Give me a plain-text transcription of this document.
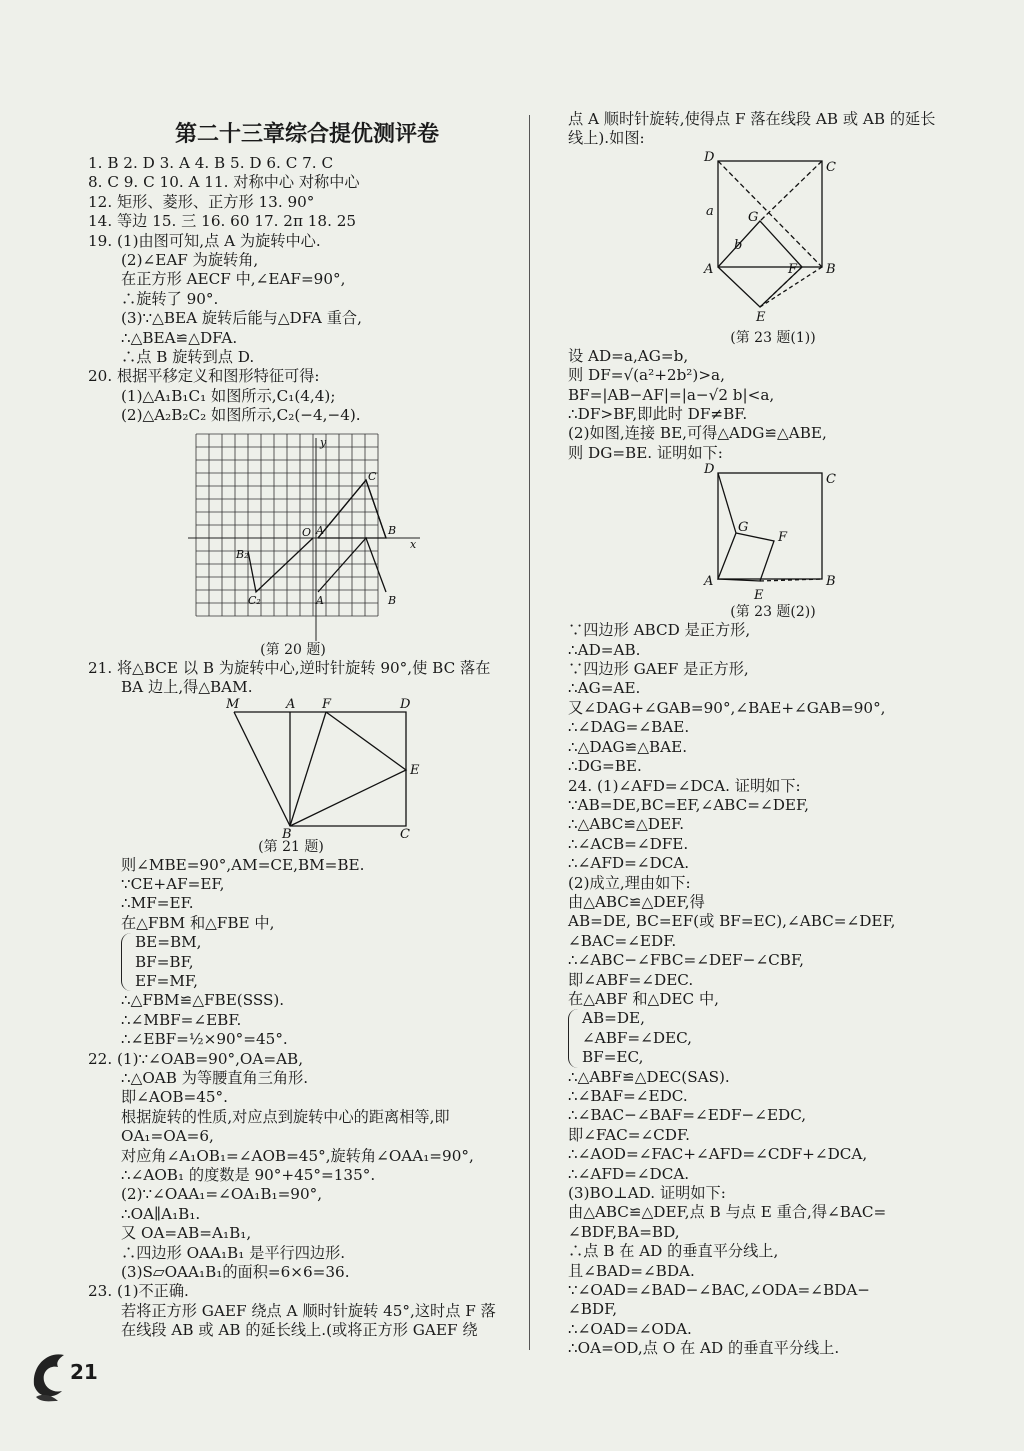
第二十三章综合提优测评卷
1. B 2. D 3. A 4. B 5. D 6. C 7. C
8. C 9. C 10. A 11. 对称中心 对称中心
12. 矩形、菱形、正方形 13. 90°
14. 等边 15. 三 16. 60 17. 2π 18. 25
19. (1)由图可知,点 A 为旋转中心.
(2)∠EAF 为旋转角,
在正方形 AECF 中,∠EAF=90°,
∴旋转了 90°.
(3)∵△BEA 旋转后能与△DFA 重合,
∴△BEA≌△DFA.
∴点 B 旋转到点 D.
20. 根据平移定义和图形特征可得:
(1)△A₁B₁C₁ 如图所示,C₁(4,4);
(2)△A₂B₂C₂ 如图所示,C₂(−4,−4).
y
x
O
C
A	B
B₂
C₂	A	B
(第 20 题)
21. 将△BCE 以 B 为旋转中心,逆时针旋转 90°,使 BC 落在
BA 边上,得△BAM.
M	A F	D
E
B	C
(第 21 题)
则∠MBE=90°,AM=CE,BM=BE.
∵CE+AF=EF,
∴MF=EF.
在△FBM 和△FBE 中,
BE=BM,
BF=BF,
EF=MF,
∴△FBM≌△FBE(SSS).
∴∠MBF=∠EBF.
∴∠EBF=½×90°=45°.
22. (1)∵∠OAB=90°,OA=AB,
∴△OAB 为等腰直角三角形.
即∠AOB=45°.
根据旋转的性质,对应点到旋转中心的距离相等,即
OA₁=OA=6,
对应角∠A₁OB₁=∠AOB=45°,旋转角∠OAA₁=90°,
∴∠AOB₁ 的度数是 90°+45°=135°.
(2)∵∠OAA₁=∠OA₁B₁=90°,
∴OA∥A₁B₁.
又 OA=AB=A₁B₁,
∴四边形 OAA₁B₁ 是平行四边形.
(3)S▱OAA₁B₁的面积=6×6=36.
23. (1)不正确.
若将正方形 GAEF 绕点 A 顺时针旋转 45°,这时点 F 落
在线段 AB 或 AB 的延长线上.(或将正方形 GAEF 绕
点 A 顺时针旋转,使得点 F 落在线段 AB 或 AB 的延长
线上).如图:
D
C
a	G
b
A	F B
E
(第 23 题(1))
设 AD=a,AG=b,
则 DF=√(a²+2b²)>a,
BF=|AB−AF|=|a−√2 b|<a,
∴DF>BF,即此时 DF≠BF.
(2)如图,连接 BE,可得△ADG≌△ABE,
则 DG=BE. 证明如下:
D
C
G
F
A
E
B
(第 23 题(2))
∵四边形 ABCD 是正方形,
∴AD=AB.
∵四边形 GAEF 是正方形,
∴AG=AE.
又∠DAG+∠GAB=90°,∠BAE+∠GAB=90°,
∴∠DAG=∠BAE.
∴△DAG≌△BAE.
∴DG=BE.
24. (1)∠AFD=∠DCA. 证明如下:
∵AB=DE,BC=EF,∠ABC=∠DEF,
∴△ABC≌△DEF.
∴∠ACB=∠DFE.
∴∠AFD=∠DCA.
(2)成立,理由如下:
由△ABC≌△DEF,得
AB=DE, BC=EF(或 BF=EC),∠ABC=∠DEF,
∠BAC=∠EDF.
∴∠ABC−∠FBC=∠DEF−∠CBF,
即∠ABF=∠DEC.
在△ABF 和△DEC 中,
AB=DE,
∠ABF=∠DEC,
BF=EC,
∴△ABF≌△DEC(SAS).
∴∠BAF=∠EDC.
∴∠BAC−∠BAF=∠EDF−∠EDC,
即∠FAC=∠CDF.
∴∠AOD=∠FAC+∠AFD=∠CDF+∠DCA,
∴∠AFD=∠DCA.
(3)BO⊥AD. 证明如下:
由△ABC≌△DEF,点 B 与点 E 重合,得∠BAC=
∠BDF,BA=BD,
∴点 B 在 AD 的垂直平分线上,
且∠BAD=∠BDA.
∵∠OAD=∠BAD−∠BAC,∠ODA=∠BDA−
∠BDF,
∴∠OAD=∠ODA.
∴OA=OD,点 O 在 AD 的垂直平分线上.
21
